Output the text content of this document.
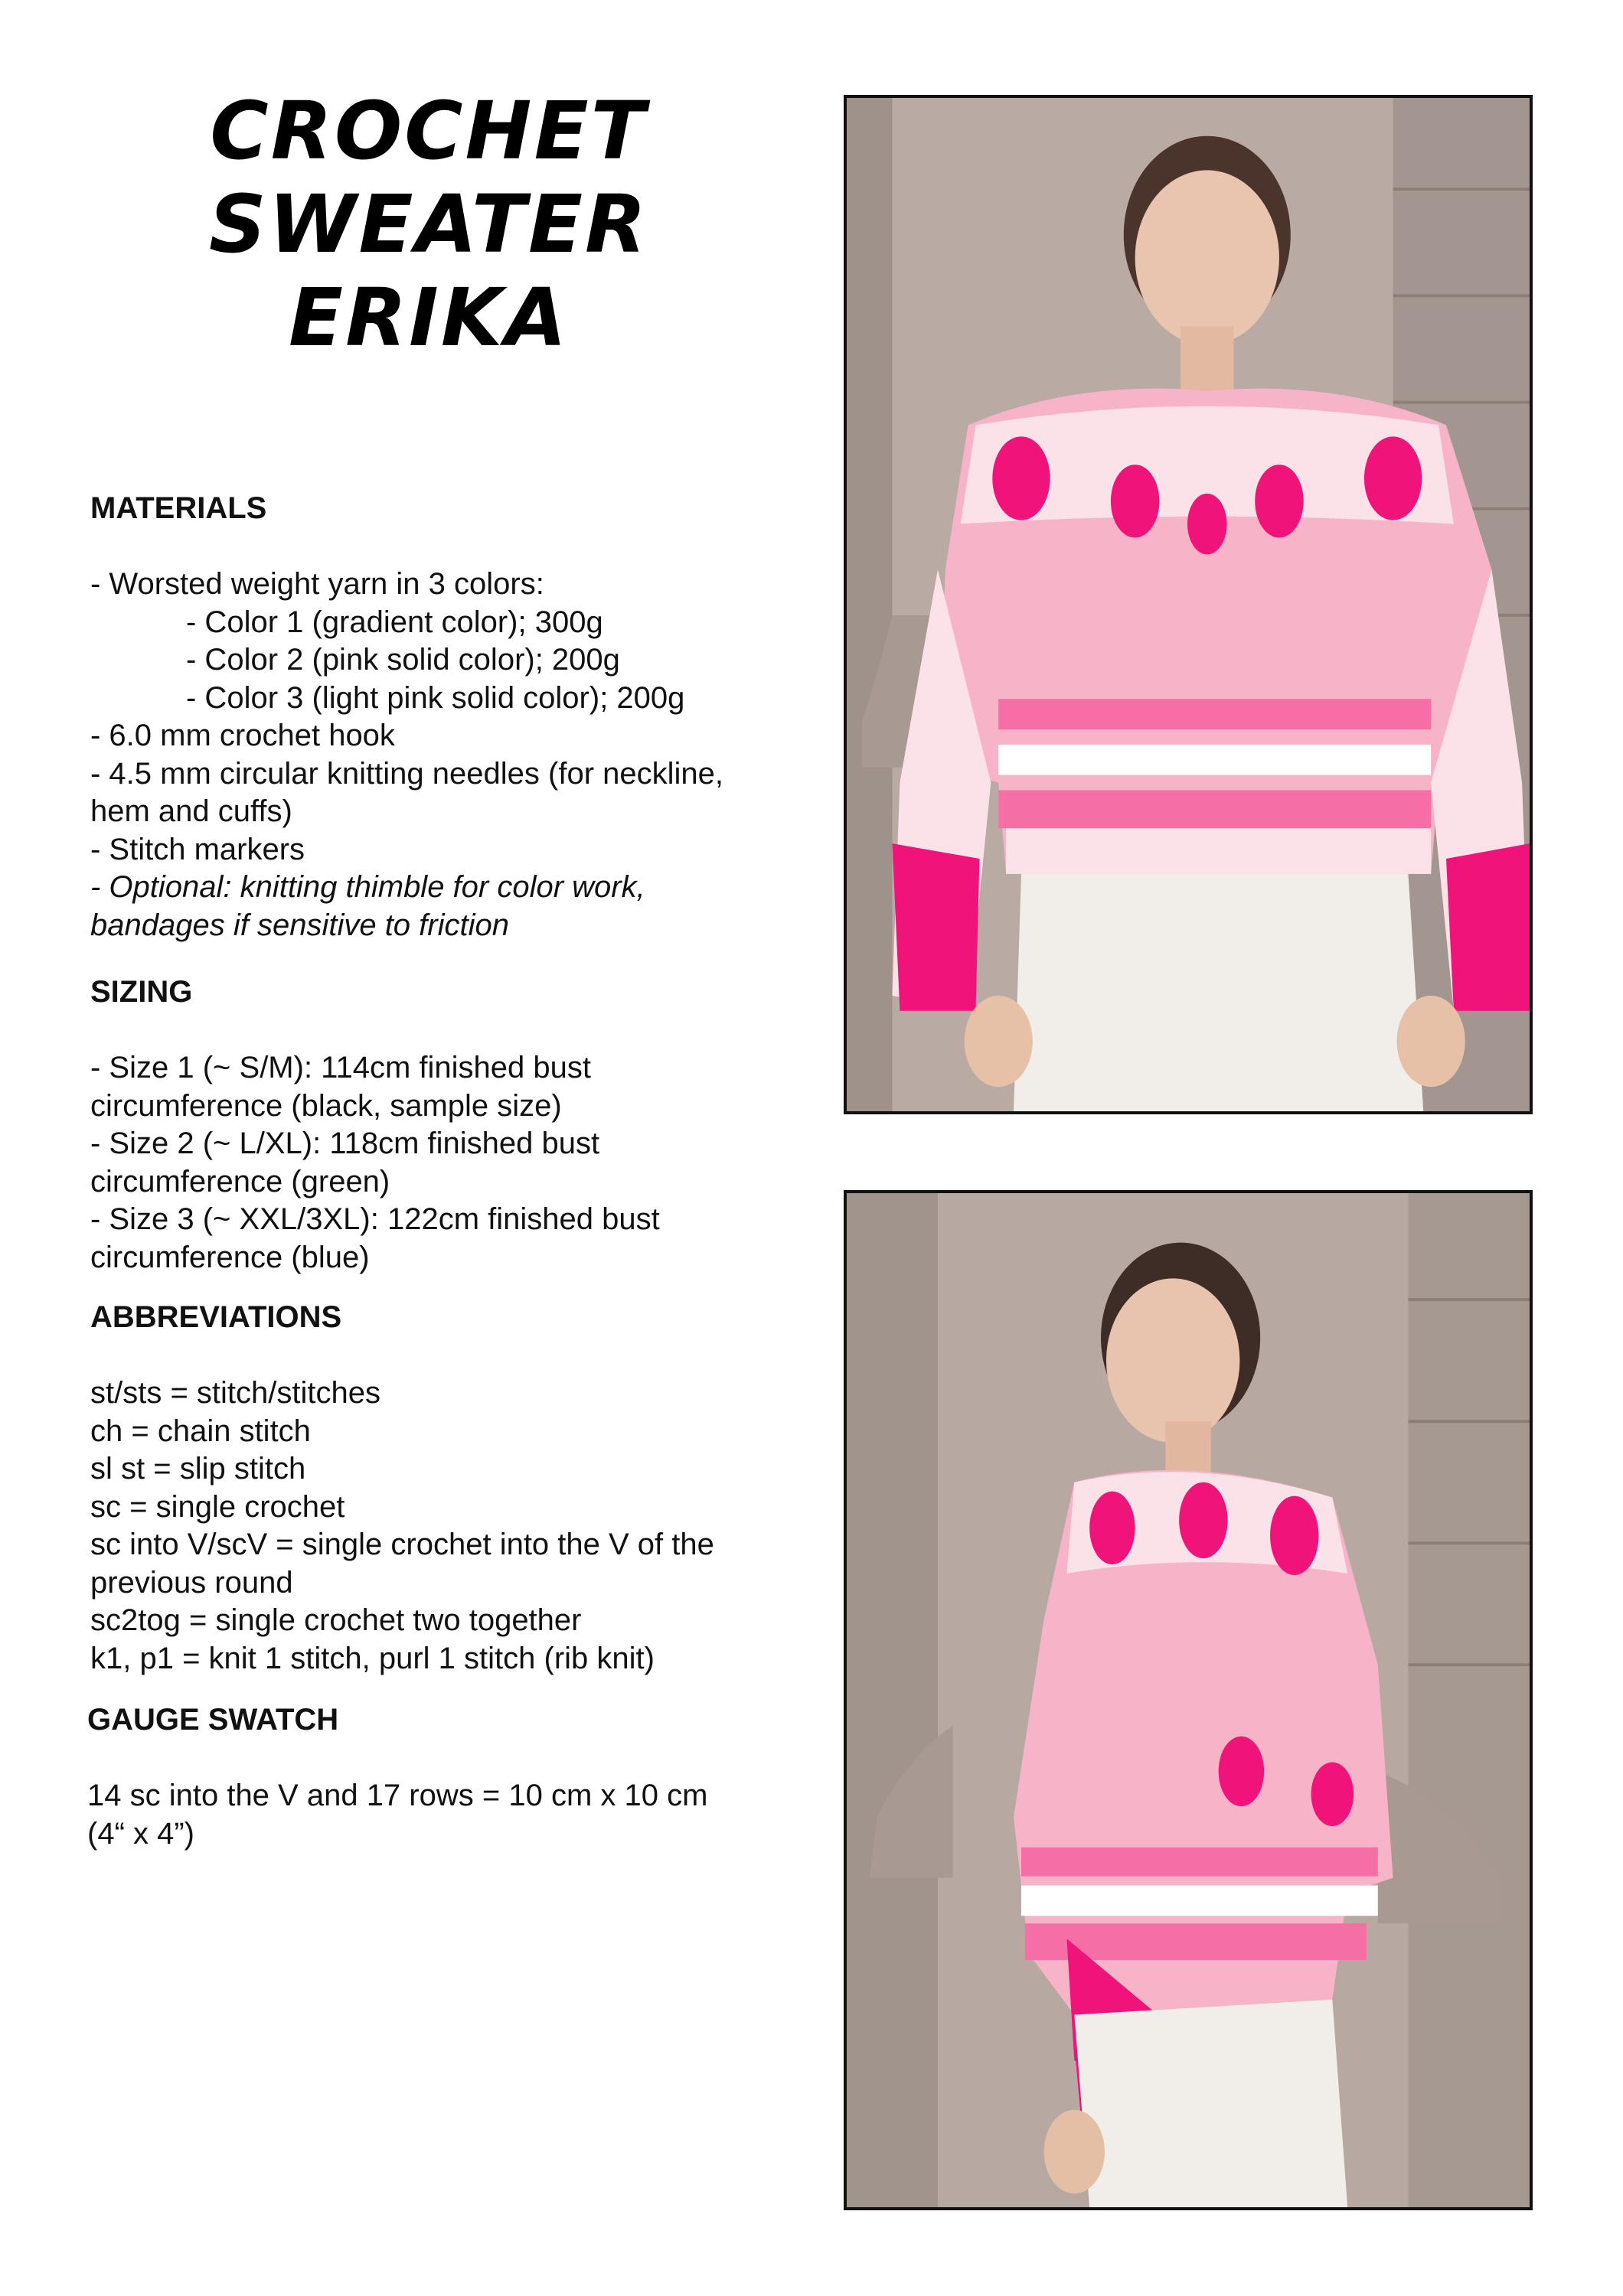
CROCHET SWEATER
ERIKA

MATERIALS

- Worsted weight yarn in 3 colors:
- Color 1 (gradient color); 300g
- Color 2 (pink solid color); 200g
- Color 3 (light pink solid color); 200g
- 6.0 mm crochet hook
- 4.5 mm circular knitting needles (for neckline,
hem and cuffs)
- Stitch markers
- Optional: knitting thimble for color work,
bandages if sensitive to friction

SIZING

- Size 1 (~ S/M): 114cm finished bust
circumference (black, sample size)
- Size 2 (~ L/XL): 118cm finished bust
circumference (green)
- Size 3 (~ XXL/3XL): 122cm finished bust
circumference (blue)

ABBREVIATIONS

st/sts = stitch/stitches
ch = chain stitch
sl st = slip stitch
sc = single crochet
sc into V/scV = single crochet into the V of the
previous round
sc2tog = single crochet two together
k1, p1 = knit 1 stitch, purl 1 stitch (rib knit)

GAUGE SWATCH

14 sc into the V and 17 rows = 10 cm x 10 cm
(4“ x 4”)
